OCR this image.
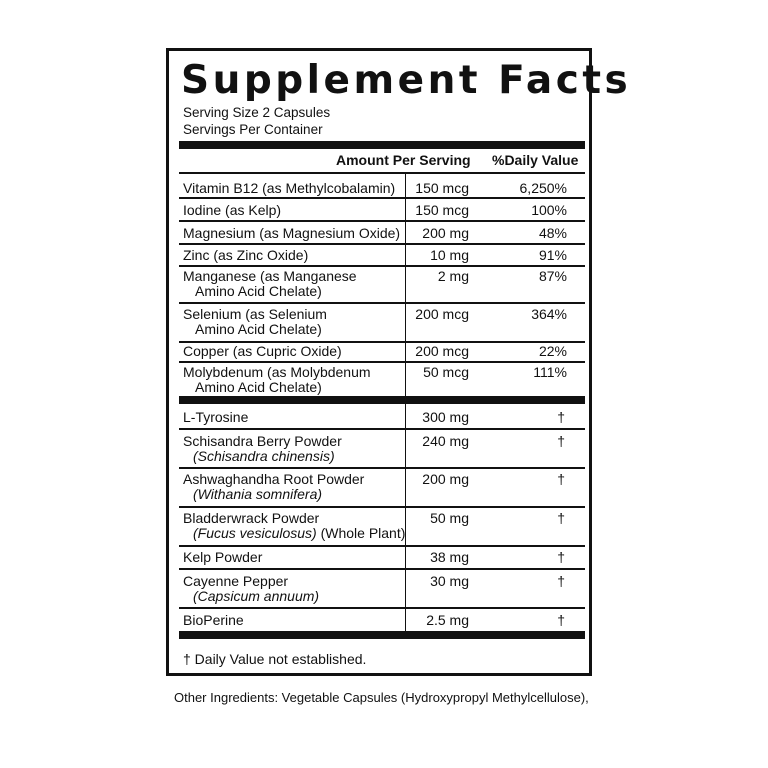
Supplement Facts
Serving Size 2 Capsules
Servings Per Container
Amount Per Serving %Daily Value
Vitamin B12 (as Methylcobalamin) 150 mcg	6,250%
Iodine (as Kelp)	150 mcg	100%
Magnesium (as Magnesium Oxide) 200 mg	48%
Zinc (as Zinc Oxide)	10 mg	91%
Manganese (as Manganese
Amino Acid Chelate)
2 mg	87%
Selenium (as Selenium
Amino Acid Chelate)
200 mcg	364%
Copper (as Cupric Oxide)	200 mcg	22%
Molybdenum (as Molybdenum
Amino Acid Chelate)
50 mcg	111%
L-Tyrosine	300 mg	†
Schisandra Berry Powder
(Schisandra chinensis)
240 mg	†
Ashwaghandha Root Powder
(Withania somnifera)
200 mg	†
Bladderwrack Powder
(Fucus vesiculosus) (Whole Plant)
50 mg	†
Kelp Powder	38 mg	†
Cayenne Pepper
(Capsicum annuum)
30 mg	†
BioPerine	2.5 mg	†
† Daily Value not established.
Other Ingredients: Vegetable Capsules (Hydroxypropyl Methylcellulose),
